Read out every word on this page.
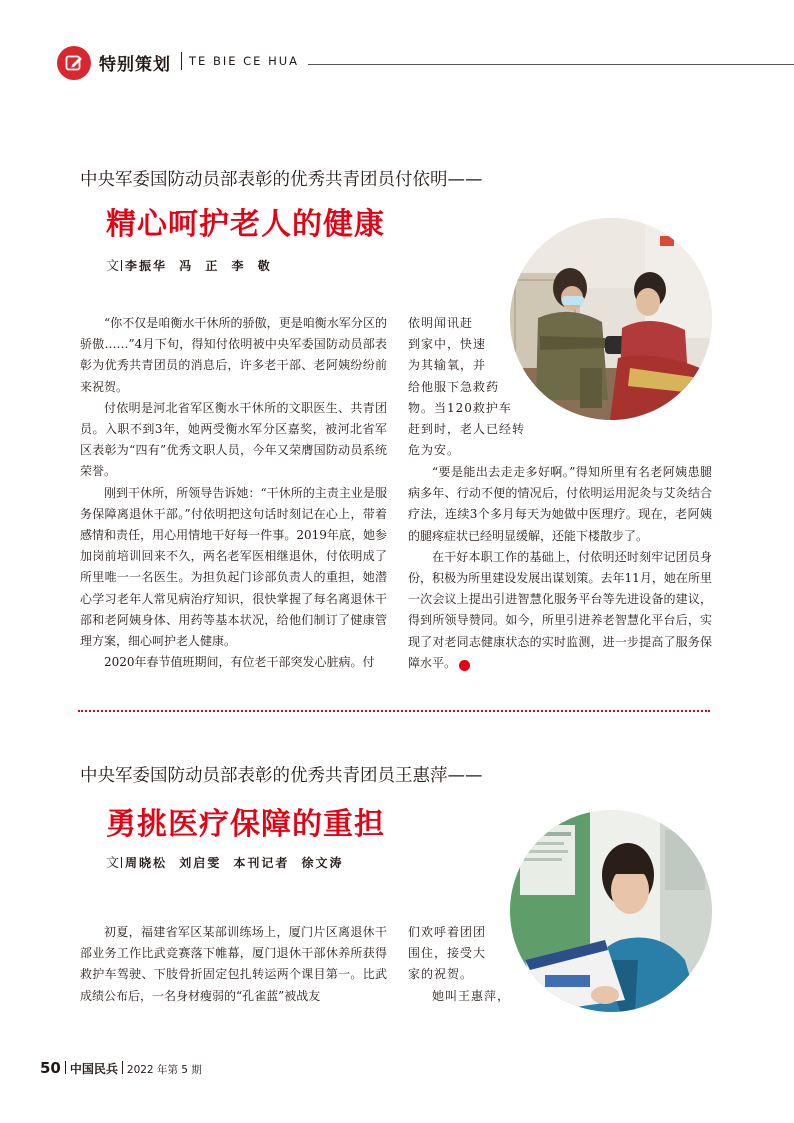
特别策划 TE BIE CE HUA
中央军委国防动员部表彰的优秀共青团员付依明——
精心呵护老人的健康
文 李振华 冯 正 李 敬

“你不仅是咱衡水干休所的骄傲，更是咱衡水军分区的骄傲……”4月下旬，得知付依明被中央军委国防动员部表彰为优秀共青团员的消息后，许多老干部、老阿姨纷纷前来祝贺。

付依明是河北省军区衡水干休所的文职医生、共青团员。入职不到3年，她两受衡水军分区嘉奖，被河北省军区表彰为“四有”优秀文职人员，今年又荣膺国防动员系统荣誉。

刚到干休所，所领导告诉她：“干休所的主责主业是服务保障离退休干部。”付依明把这句话时刻记在心上，带着感情和责任，用心用情地干好每一件事。2019年底，她参加岗前培训回来不久，两名老军医相继退休，付依明成了所里唯一一名医生。为担负起门诊部负责人的重担，她潜心学习老年人常见病治疗知识，很快掌握了每名离退休干部和老阿姨身体、用药等基本状况，给他们制订了健康管理方案，细心呵护老人健康。

2020年春节值班期间，有位老干部突发心脏病。付

依明闻讯赶
到家中，快速
为其输氧，并
给他服下急救药
物。当120救护车
赶到时，老人已经转
危为安。

“要是能出去走走多好啊。”得知所里有名老阿姨患腿病多年、行动不便的情况后，付依明运用泥灸与艾灸结合疗法，连续3个多月每天为她做中医理疗。现在，老阿姨的腿疼症状已经明显缓解，还能下楼散步了。

在干好本职工作的基础上，付依明还时刻牢记团员身份，积极为所里建设发展出谋划策。去年11月，她在所里一次会议上提出引进智慧化服务平台等先进设备的建议，得到所领导赞同。如今，所里引进养老智慧化平台后，实现了对老同志健康状态的实时监测，进一步提高了服务保障水平。	兵

中央军委国防动员部表彰的优秀共青团员王惠萍——
勇挑医疗保障的重担
文 周晓松 刘启雯 本刊记者 徐文涛

初夏，福建省军区某部训练场上，厦门片区离退休干部业务工作比武竞赛落下帷幕，厦门退休干部休养所获得救护车驾驶、下肢骨折固定包扎转运两个课目第一。比武成绩公布后，一名身材瘦弱的“孔雀蓝”被战友

们欢呼着团团
围住，接受大
家的祝贺。
她叫王惠萍，
50 中国民兵 2022 年第 5 期
